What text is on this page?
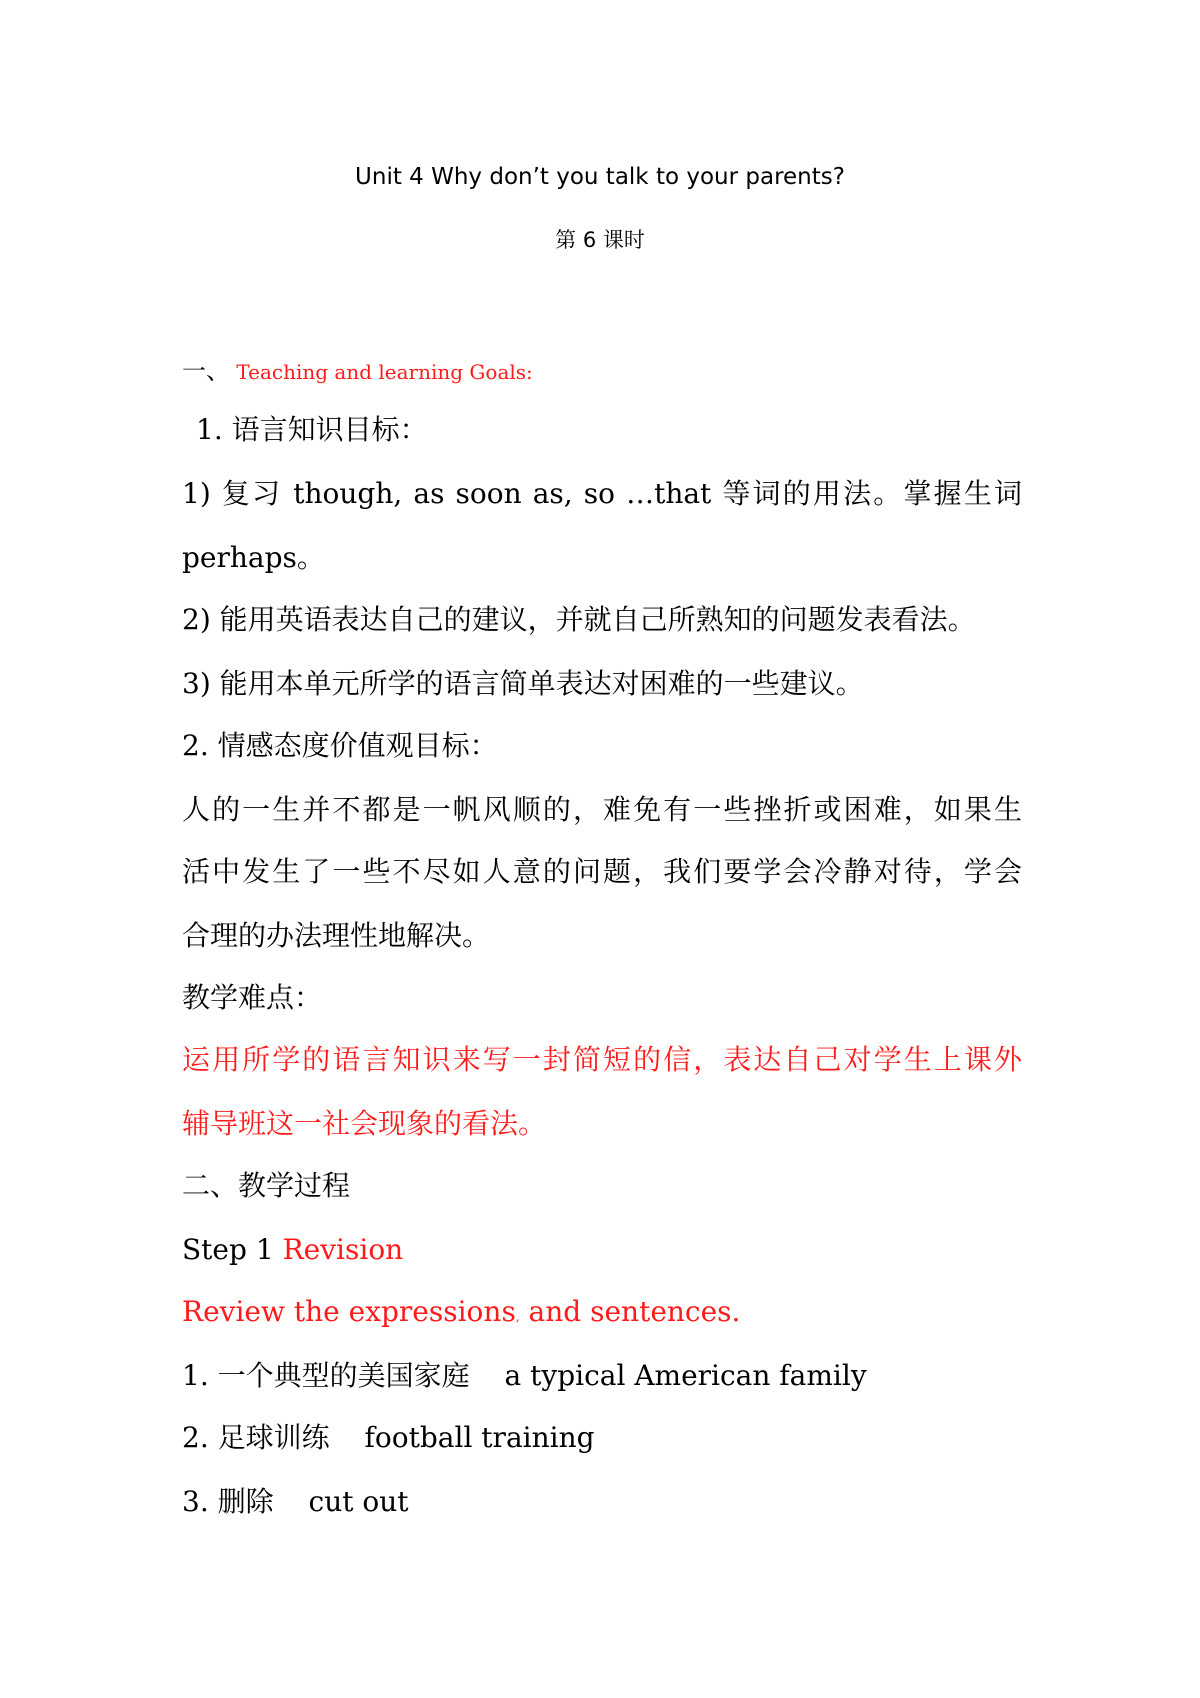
Unit 4 Why don’t you talk to your parents?
第 6 课时
一、 Teaching and learning Goals:
1. 语言知识目标：
1) 复习 though, as soon as, so …that 等词的用法。掌握生词
perhaps。
2) 能用英语表达自己的建议，并就自己所熟知的问题发表看法。
3) 能用本单元所学的语言简单表达对困难的一些建议。
2. 情感态度价值观目标：
人的一生并不都是一帆风顺的，难免有一些挫折或困难，如果生
活中发生了一些不尽如人意的问题，我们要学会冷静对待，学会
合理的办法理性地解决。
教学难点：
运用所学的语言知识来写一封简短的信，表达自己对学生上课外
辅导班这一社会现象的看法。
二、教学过程
Step 1 Revision
Review the expressions, and sentences.
1. 一个典型的美国家庭 a typical American family
2. 足球训练 football training
3. 删除 cut out
